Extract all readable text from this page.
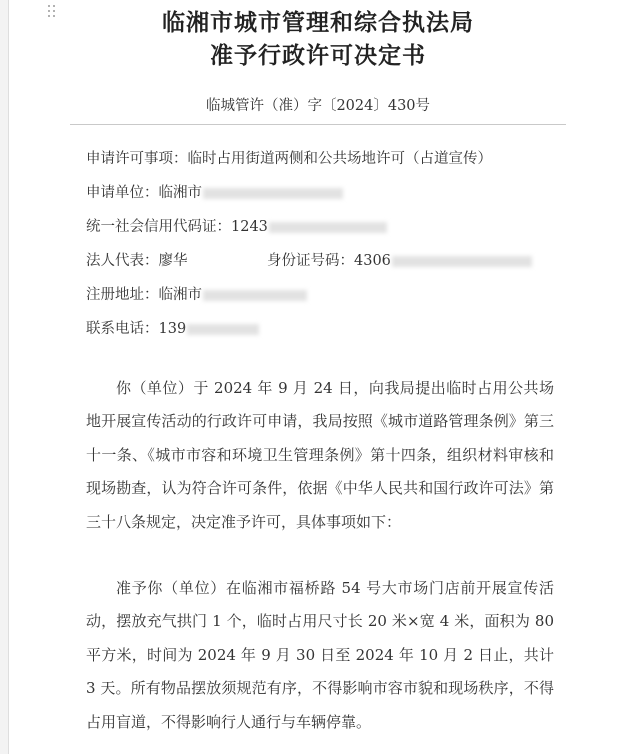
临湘市城市管理和综合执法局
准予行政许可决定书
临城管许（准）字〔2024〕430号
申请许可事项：临时占用街道两侧和公共场地许可（占道宣传）
申请单位：临湘市
统一社会信用代码证：1243
法人代表：廖华	身份证号码：4306
注册地址：临湘市
联系电话：139

你（单位）于 2024 年 9 月 24 日，向我局提出临时占用公共场地开展宣传活动的行政许可申请，我局按照《城市道路管理条例》第三十一条、《城市市容和环境卫生管理条例》第十四条，组织材料审核和现场勘查，认为符合许可条件，依据《中华人民共和国行政许可法》第三十八条规定，决定准予许可，具体事项如下：

准予你（单位）在临湘市福桥路 54 号大市场门店前开展宣传活动，摆放充气拱门 1 个，临时占用尺寸长 20 米×宽 4 米，面积为 80 平方米，时间为 2024 年 9 月 30 日至 2024 年 10 月 2 日止，共计 3 天。所有物品摆放须规范有序，不得影响市容市貌和现场秩序，不得占用盲道，不得影响行人通行与车辆停靠。
